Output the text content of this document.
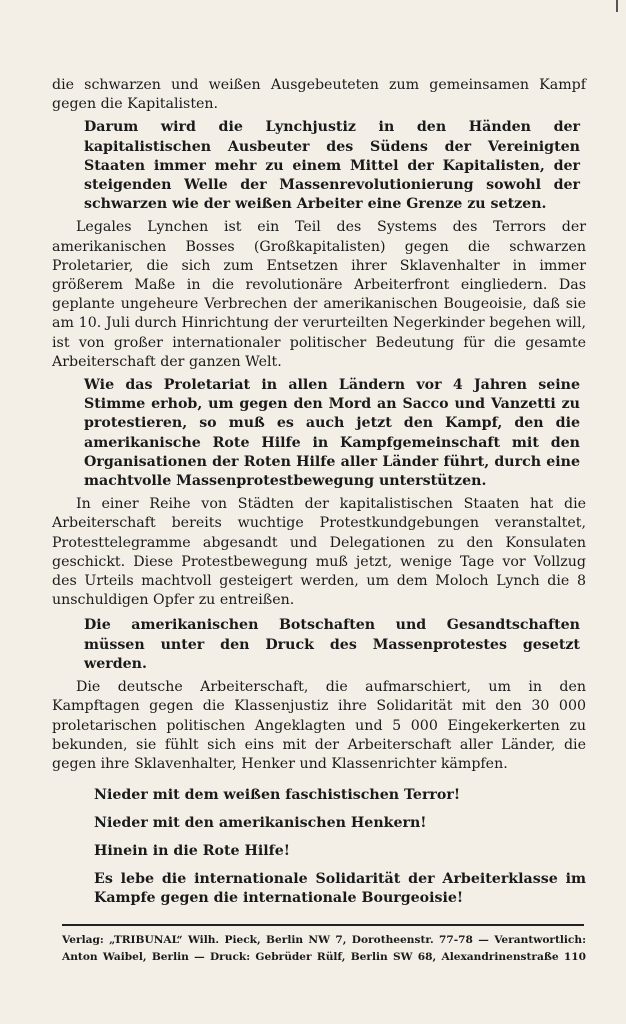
die schwarzen und weißen Ausgebeuteten zum gemeinsamen Kampf gegen die Kapitalisten.

Darum wird die Lynchjustiz in den Händen der kapitalistischen Ausbeuter des Südens der Vereinigten Staaten immer mehr zu einem Mittel der Kapitalisten, der steigenden Welle der Massenrevolutionierung sowohl der schwarzen wie der weißen Arbeiter eine Grenze zu setzen.

Legales Lynchen ist ein Teil des Systems des Terrors der amerikanischen Bosses (Großkapitalisten) gegen die schwarzen Proletarier, die sich zum Entsetzen ihrer Sklavenhalter in immer größerem Maße in die revolutionäre Arbeiterfront eingliedern. Das geplante ungeheure Verbrechen der amerikanischen Bougeoisie, daß sie am 10. Juli durch Hinrichtung der verurteilten Negerkinder begehen will, ist von großer internationaler politischer Bedeutung für die gesamte Arbeiterschaft der ganzen Welt.

Wie das Proletariat in allen Ländern vor 4 Jahren seine Stimme erhob, um gegen den Mord an Sacco und Vanzetti zu protestieren, so muß es auch jetzt den Kampf, den die amerikanische Rote Hilfe in Kampfgemeinschaft mit den Organisationen der Roten Hilfe aller Länder führt, durch eine machtvolle Massenprotestbewegung unterstützen.

In einer Reihe von Städten der kapitalistischen Staaten hat die Arbeiterschaft bereits wuchtige Protestkundgebungen veranstaltet, Protesttelegramme abgesandt und Delegationen zu den Konsulaten geschickt. Diese Protestbewegung muß jetzt, wenige Tage vor Vollzug des Urteils machtvoll gesteigert werden, um dem Moloch Lynch die 8 unschuldigen Opfer zu entreißen.

Die amerikanischen Botschaften und Gesandtschaften müssen unter den Druck des Massenprotestes gesetzt werden.

Die deutsche Arbeiterschaft, die aufmarschiert, um in den Kampftagen gegen die Klassenjustiz ihre Solidarität mit den 30 000 proletarischen politischen Angeklagten und 5 000 Eingekerkerten zu bekunden, sie fühlt sich eins mit der Arbeiterschaft aller Länder, die gegen ihre Sklavenhalter, Henker und Klassenrichter kämpfen.

Nieder mit dem weißen faschistischen Terror!

Nieder mit den amerikanischen Henkern!

Hinein in die Rote Hilfe!

Es lebe die internationale Solidarität der Arbeiterklasse im Kampfe gegen die internationale Bourgeoisie!

Verlag: „TRIBUNAL“ Wilh. Pieck, Berlin NW 7, Dorotheenstr. 77-78 — Verantwortlich:
Anton Waibel, Berlin — Druck: Gebrüder Rülf, Berlin SW 68, Alexandrinenstraße 110
